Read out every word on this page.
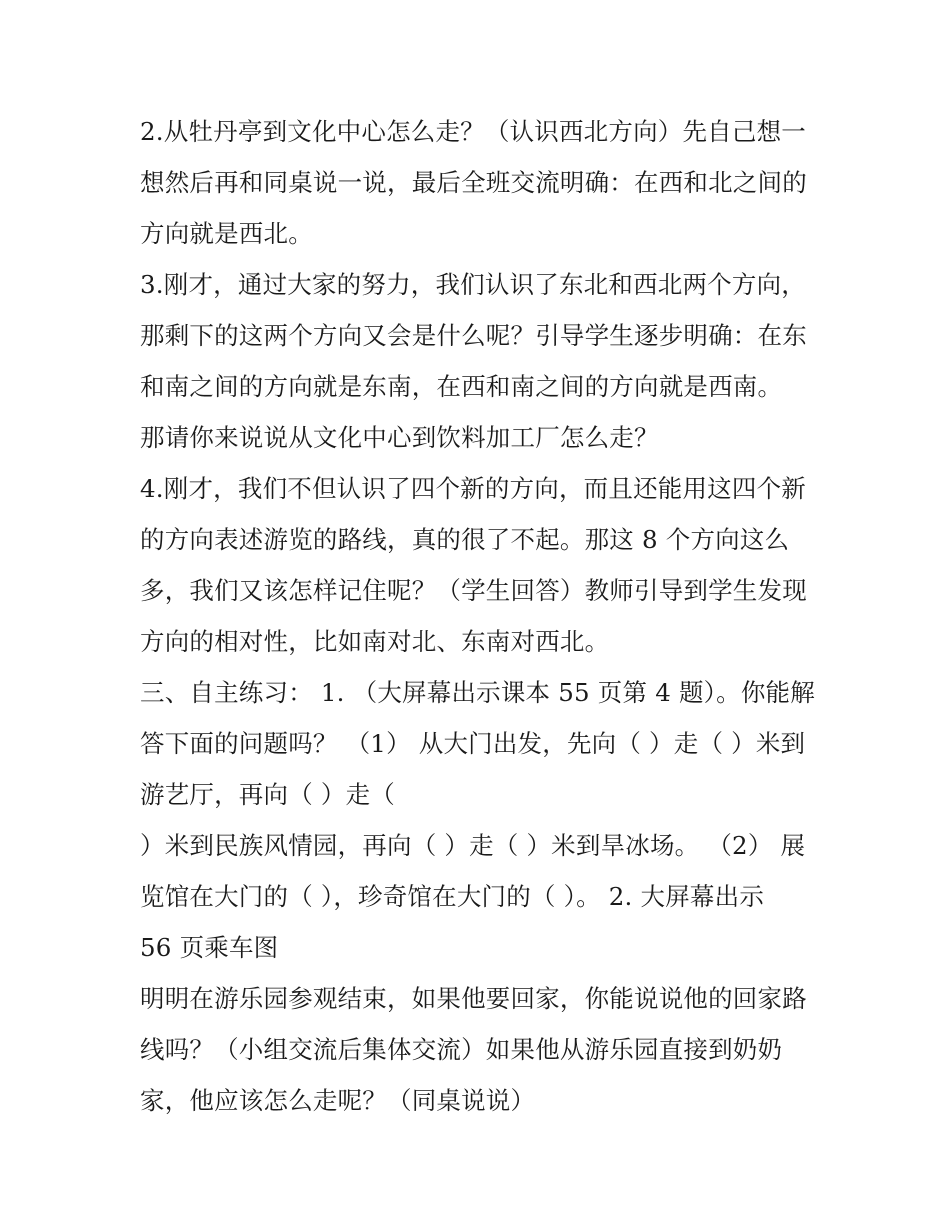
2.从牡丹亭到文化中心怎么走？（认识西北方向）先自己想一
想然后再和同桌说一说，最后全班交流明确：在西和北之间的
方向就是西北。
3.刚才，通过大家的努力，我们认识了东北和西北两个方向，
那剩下的这两个方向又会是什么呢？引导学生逐步明确：在东
和南之间的方向就是东南，在西和南之间的方向就是西南。
那请你来说说从文化中心到饮料加工厂怎么走？
4.刚才，我们不但认识了四个新的方向，而且还能用这四个新
的方向表述游览的路线，真的很了不起。那这 8 个方向这么
多，我们又该怎样记住呢？（学生回答）教师引导到学生发现
方向的相对性，比如南对北、东南对西北。
三、自主练习： 1. （大屏幕出示课本 55 页第 4 题）。你能解
答下面的问题吗？ （1） 从大门出发，先向（ ）走（ ）米到
游艺厅，再向（ ）走（
）米到民族风情园，再向（ ）走（ ）米到旱冰场。 （2） 展
览馆在大门的（ ），珍奇馆在大门的（ ）。 2. 大屏幕出示
56 页乘车图
明明在游乐园参观结束，如果他要回家，你能说说他的回家路
线吗？（小组交流后集体交流）如果他从游乐园直接到奶奶
家，他应该怎么走呢？（同桌说说）
